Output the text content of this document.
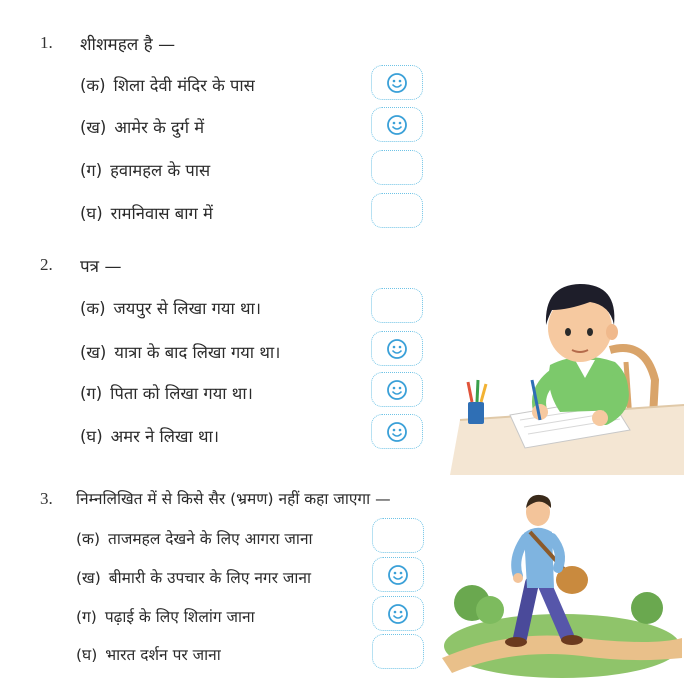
1. शीशमहल है —
(क) शिला देवी मंदिर के पास
(ख) आमेर के दुर्ग में
(ग) हवामहल के पास
(घ) रामनिवास बाग में
2. पत्र —
(क) जयपुर से लिखा गया था।
(ख) यात्रा के बाद लिखा गया था।
(ग) पिता को लिखा गया था।
(घ) अमर ने लिखा था।
3. निम्नलिखित में से किसे सैर (भ्रमण) नहीं कहा जाएगा —
(क) ताजमहल देखने के लिए आगरा जाना
(ख) बीमारी के उपचार के लिए नगर जाना
(ग) पढ़ाई के लिए शिलांग जाना
(घ) भारत दर्शन पर जाना
